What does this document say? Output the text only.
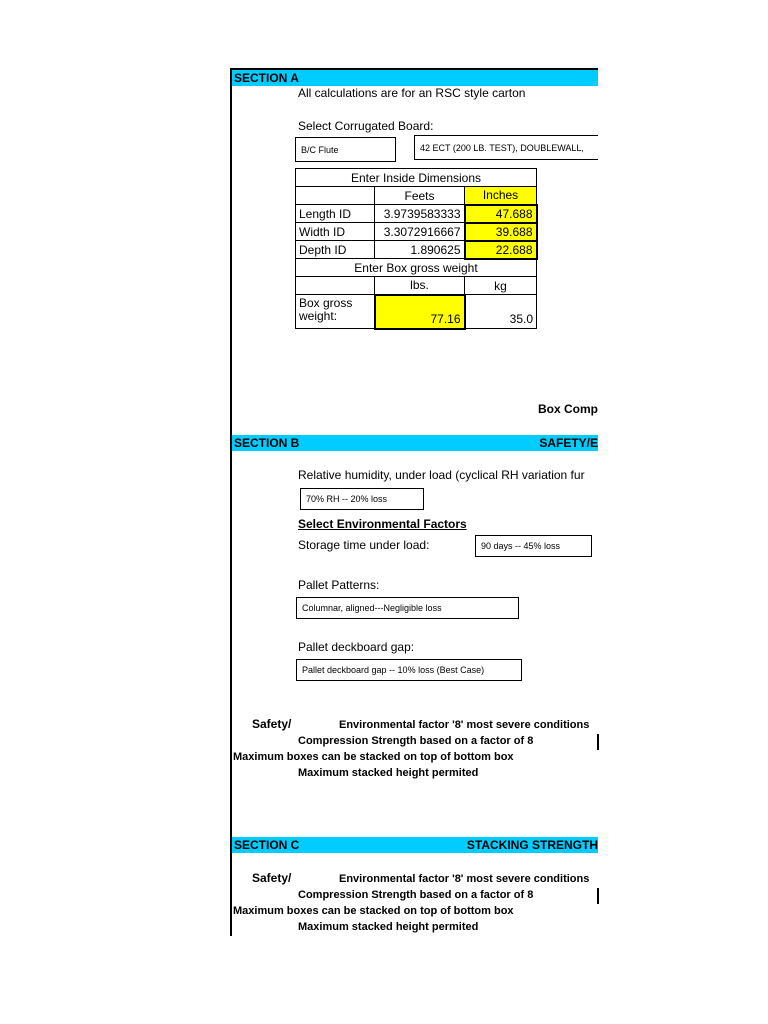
SECTION A
All calculations are for an RSC style carton
Select Corrugated Board:
B/C Flute	42 ECT (200 LB. TEST), DOUBLEWALL,
Enter Inside Dimensions		
	Feets	Inches
Length ID	3.9739583333	47.688
Width ID	3.3072916667	39.688
Depth ID	1.890625	22.688
Enter Box gross weight		
	lbs.	kg
Box gross
weight:	77.16	35.0
Box Comp
SECTION B	SAFETY/E
Relative humidity, under load (cyclical RH variation fur
70% RH -- 20% loss
Select Environmental Factors
Storage time under load:	90 days -- 45% loss
Pallet Patterns:
Columnar, aligned---Negligible loss
Pallet deckboard gap:
Pallet deckboard gap -- 10% loss (Best Case)
Safety/	Environmental factor '8' most severe conditions
Compression Strength based on a factor of 8
Maximum boxes can be stacked on top of bottom box
Maximum stacked height permited
SECTION C	STACKING STRENGTH
Safety/	Environmental factor '8' most severe conditions
Compression Strength based on a factor of 8
Maximum boxes can be stacked on top of bottom box
Maximum stacked height permited
